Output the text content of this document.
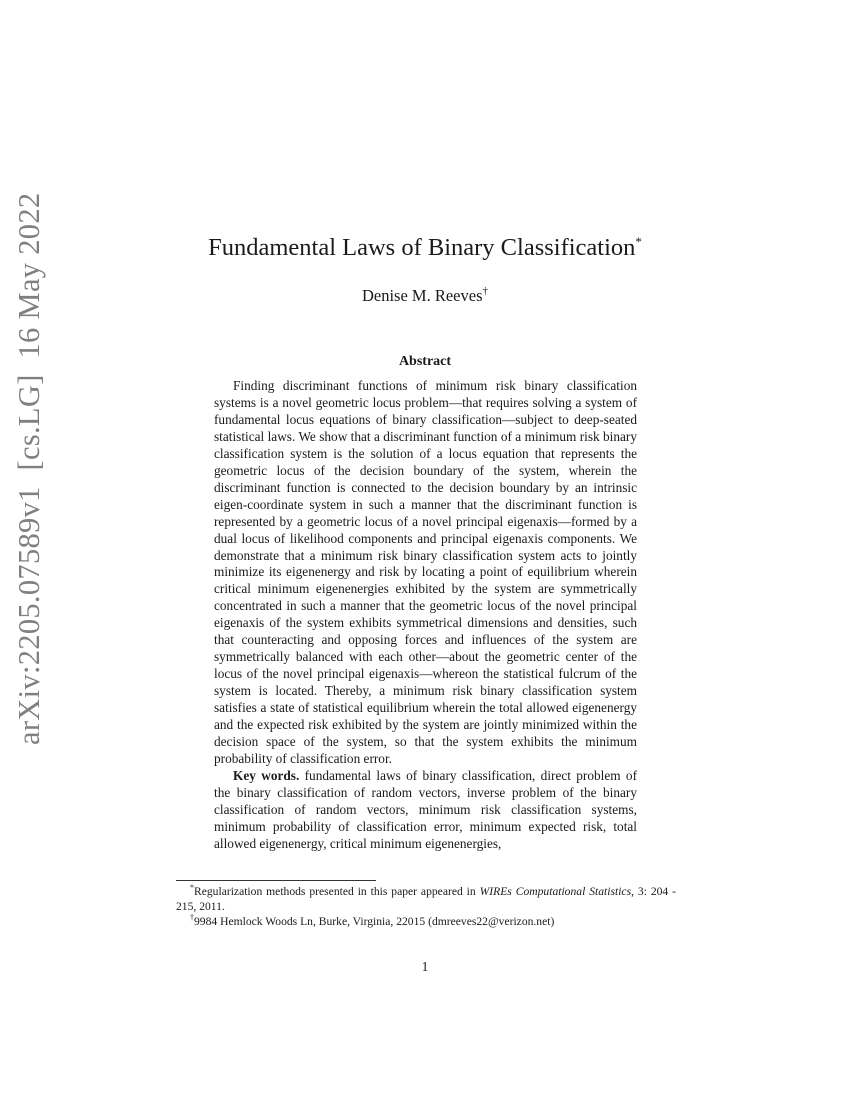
arXiv:2205.07589v1  [cs.LG]  16 May 2022	Fundamental Laws of Binary Classification*
Denise M. Reeves†
Abstract

Finding discriminant functions of minimum risk binary classification systems is a novel geometric locus problem—that requires solving a system of fundamental locus equations of binary classification—subject to deep-seated statistical laws. We show that a discriminant function of a minimum risk binary classification system is the solution of a locus equation that represents the geometric locus of the decision boundary of the system, wherein the discriminant function is connected to the decision boundary by an intrinsic eigen-coordinate system in such a manner that the discriminant function is represented by a geometric locus of a novel principal eigenaxis—formed by a dual locus of likelihood components and principal eigenaxis components. We demonstrate that a minimum risk binary classification system acts to jointly minimize its eigenenergy and risk by locating a point of equilibrium wherein critical minimum eigenenergies exhibited by the system are symmetrically concentrated in such a manner that the geometric locus of the novel principal eigenaxis of the system exhibits symmetrical dimensions and densities, such that counteracting and opposing forces and influences of the system are symmetrically balanced with each other—about the geometric center of the locus of the novel principal eigenaxis—whereon the statistical fulcrum of the system is located. Thereby, a minimum risk binary classification system satisfies a state of statistical equilibrium wherein the total allowed eigenenergy and the expected risk exhibited by the system are jointly minimized within the decision space of the system, so that the system exhibits the minimum probability of classification error.

Key words. fundamental laws of binary classification, direct problem of the binary classification of random vectors, inverse problem of the binary classification of random vectors, minimum risk classification systems, minimum probability of classification error, minimum expected risk, total allowed eigenenergy, critical minimum eigenenergies,

*Regularization methods presented in this paper appeared in WIREs Computational Statistics, 3: 204 - 215, 2011.

†9984 Hemlock Woods Ln, Burke, Virginia, 22015 (dmreeves22@verizon.net)

1
